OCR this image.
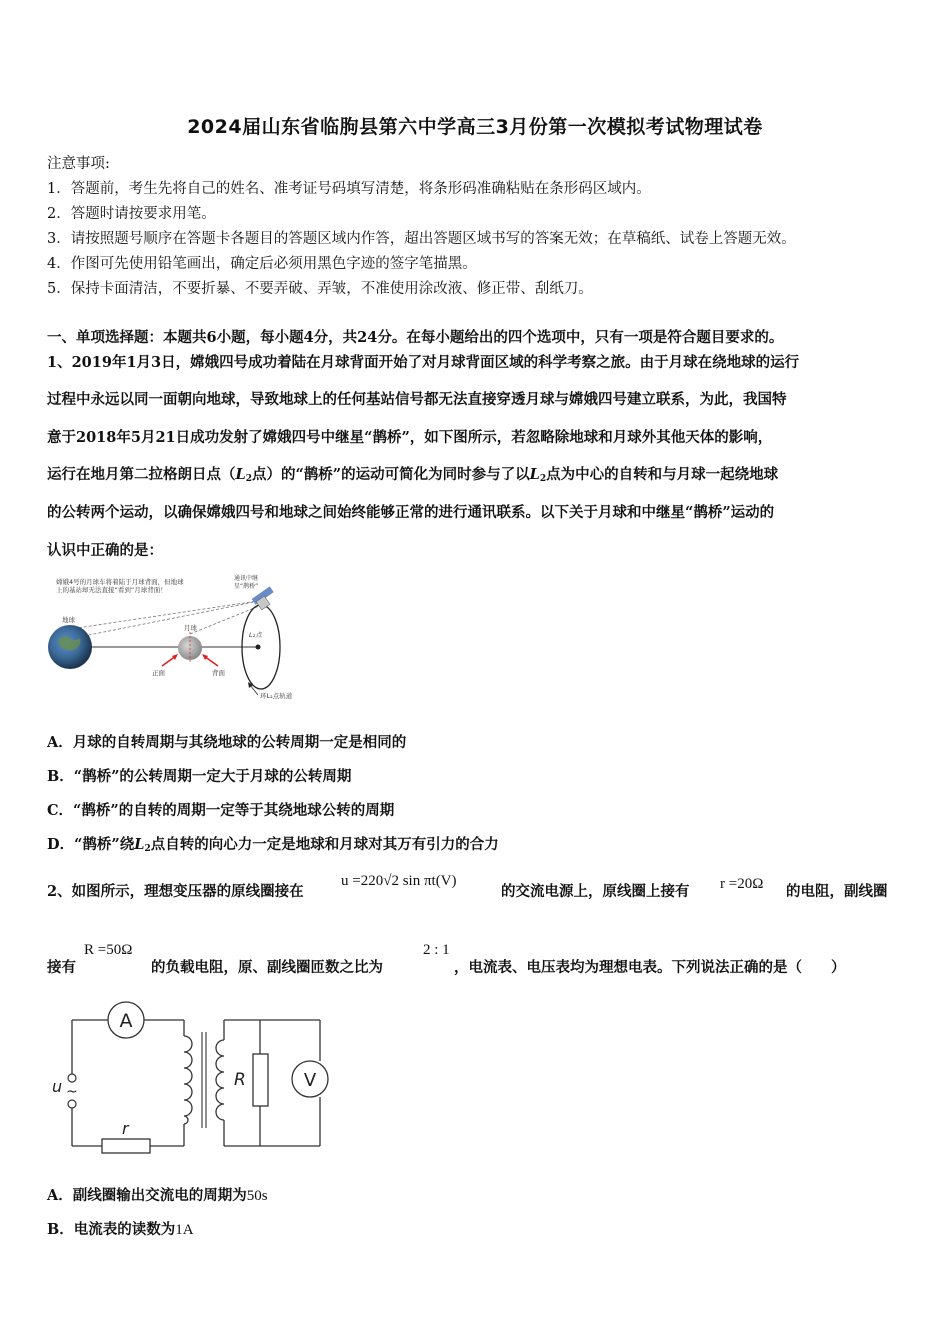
2024届山东省临朐县第六中学高三3月份第一次模拟考试物理试卷
注意事项:
1．答题前，考生先将自己的姓名、准考证号码填写清楚，将条形码准确粘贴在条形码区域内。
2．答题时请按要求用笔。
3．请按照题号顺序在答题卡各题目的答题区域内作答，超出答题区域书写的答案无效；在草稿纸、试卷上答题无效。
4．作图可先使用铅笔画出，确定后必须用黑色字迹的签字笔描黑。
5．保持卡面清洁，不要折暴、不要弄破、弄皱，不准使用涂改液、修正带、刮纸刀。
一、单项选择题：本题共6小题，每小题4分，共24分。在每小题给出的四个选项中，只有一项是符合题目要求的。
1、2019年1月3日，嫦娥四号成功着陆在月球背面开始了对月球背面区域的科学考察之旅。由于月球在绕地球的运行
过程中永远以同一面朝向地球，导致地球上的任何基站信号都无法直接穿透月球与嫦娥四号建立联系，为此，我国特
意于2018年5月21日成功发射了嫦娥四号中继星“鹊桥”，如下图所示，若忽略除地球和月球外其他天体的影响，
运行在地月第二拉格朗日点（$L_2$点）的“鹊桥”的运动可简化为同时参与了以$L_2$点为中心的自转和与月球一起绕地球
的公转两个运动，以确保嫦娥四号和地球之间始终能够正常的进行通讯联系。以下关于月球和中继星“鹊桥”运动的
认识中正确的是：
嫦娥4号的月球车将着陆于月球背面，但地球
上的基站却无法直接“看到”月球背面！
通讯中继
星“鹊桥”
地球
月球
正面	背面
L₂点
环L₂点轨道
A．月球的自转周期与其绕地球的公转周期一定是相同的
B．“鹊桥”的公转周期一定大于月球的公转周期
C．“鹊桥”的自转的周期一定等于其绕地球公转的周期
D．“鹊桥”绕$L_2$点自转的向心力一定是地球和月球对其万有引力的合力
2、如图所示，理想变压器的原线圈接在
u =220√2 sin πt(V)
的交流电源上，原线圈上接有 r =20Ω 的电阻，副线圈
接有
R =50Ω
的负载电阻，原、副线圈匝数之比为
2 : 1
，电流表、电压表均为理想电表。下列说法正确的是（　　）
A
u ~
r
R	V
A．副线圈输出交流电的周期为50s
B．电流表的读数为1A
